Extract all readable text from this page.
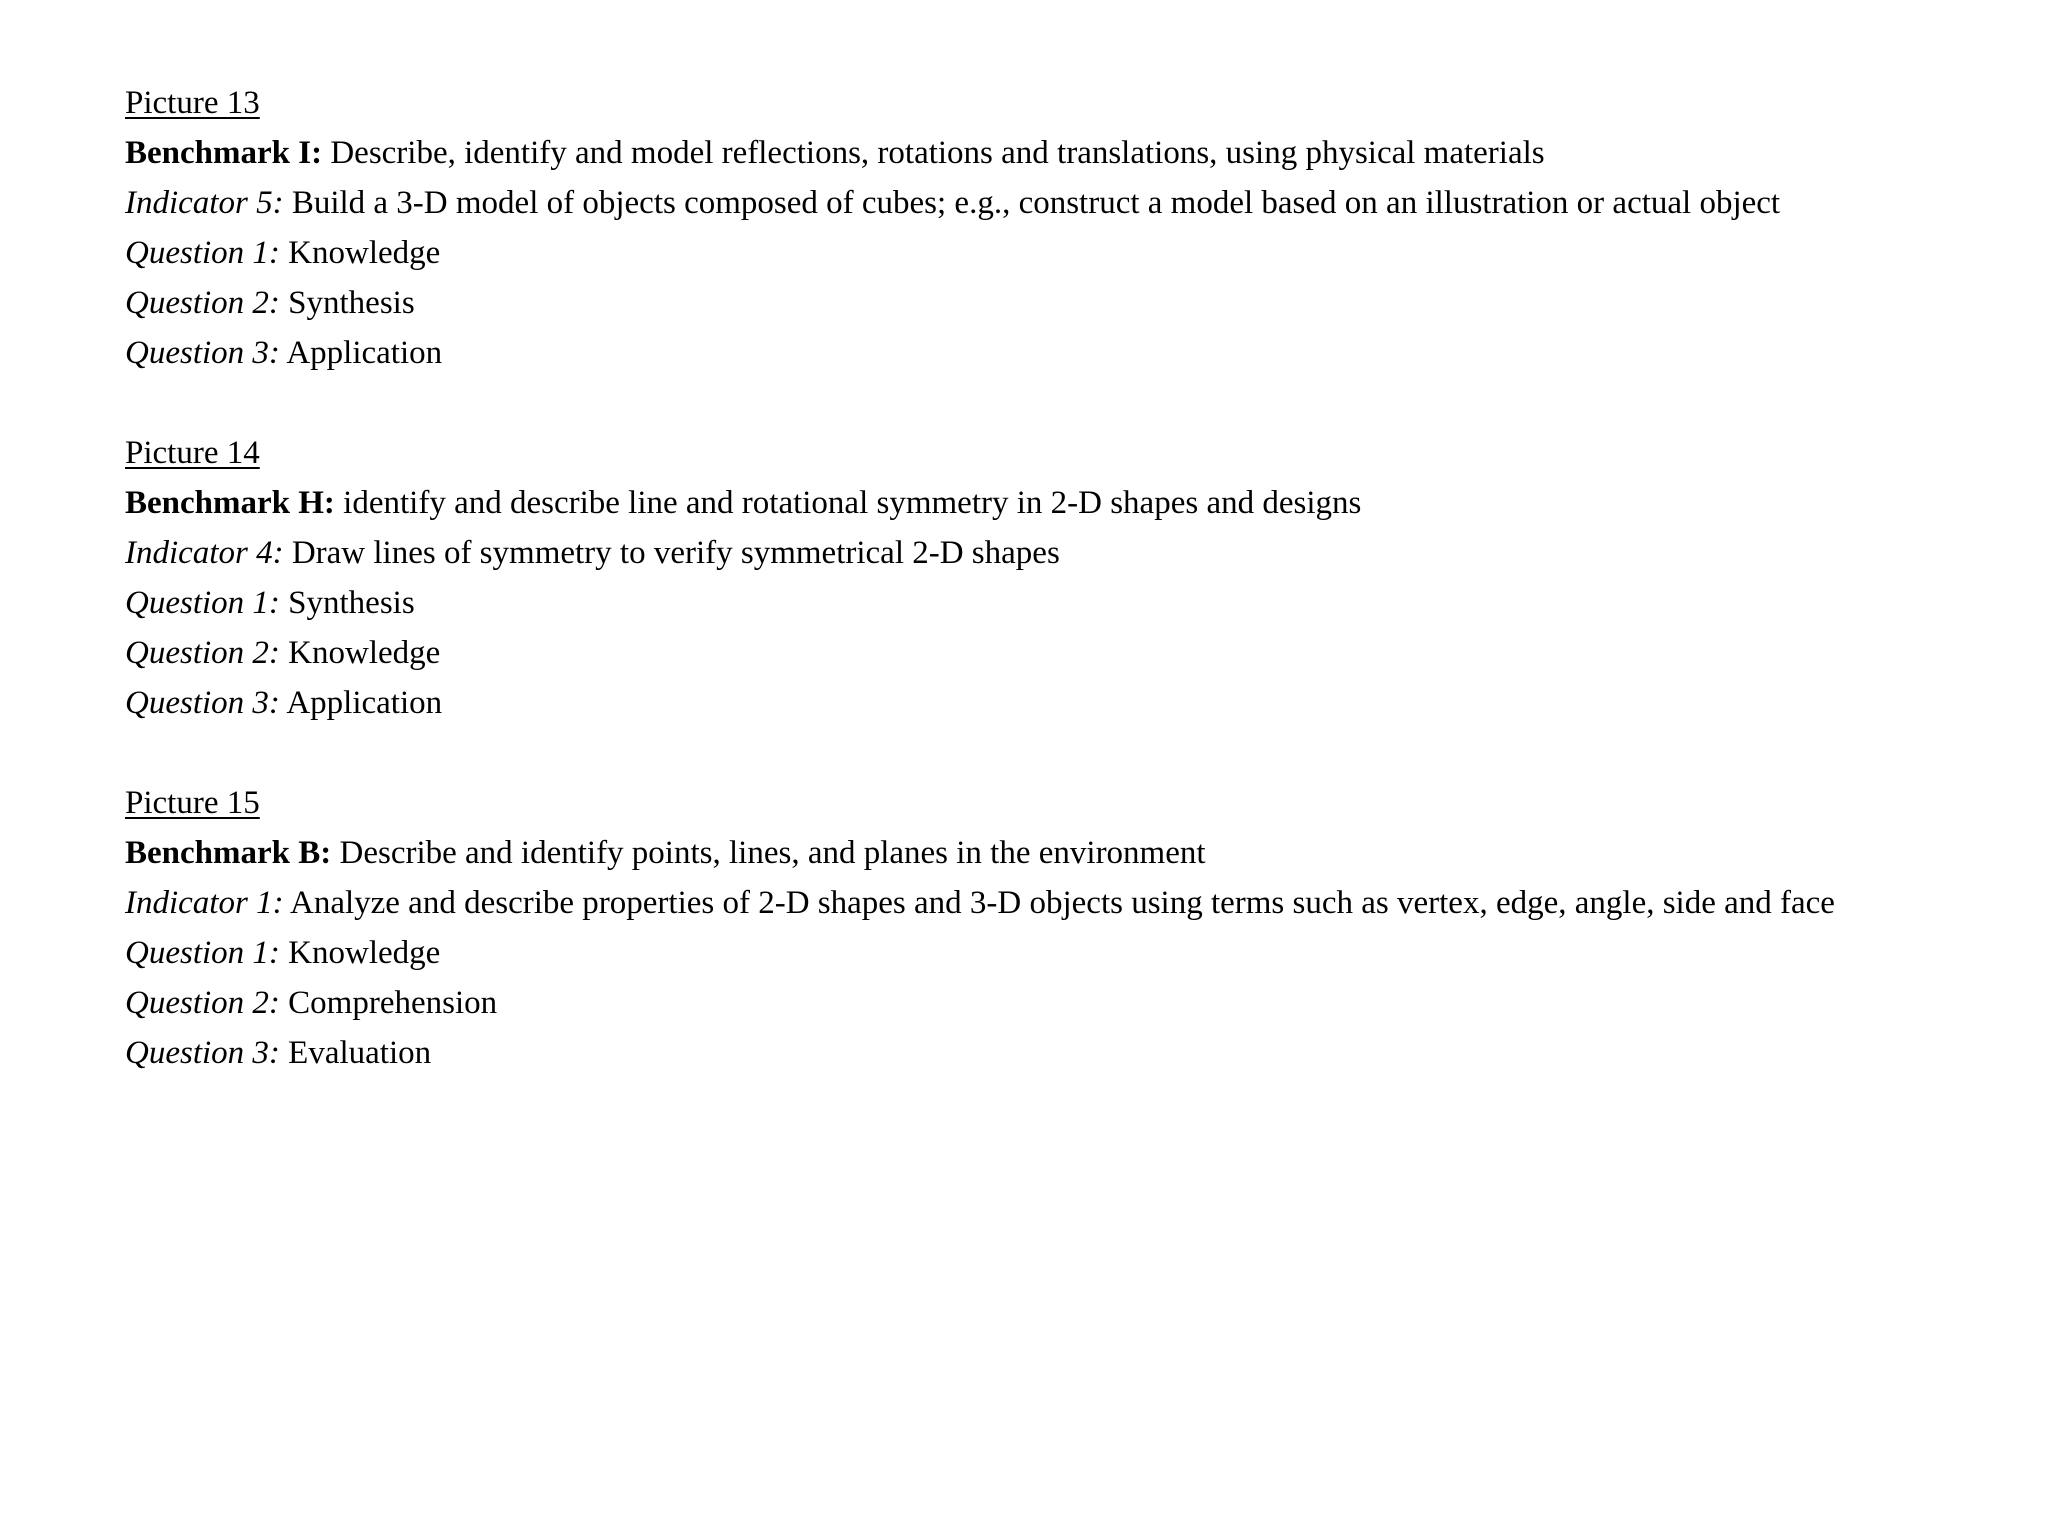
Picture 13
Benchmark I: Describe, identify and model reflections, rotations and translations, using physical materials
Indicator 5: Build a 3-D model of objects composed of cubes; e.g., construct a model based on an illustration or actual object
Question 1: Knowledge
Question 2: Synthesis
Question 3: Application
Picture 14
Benchmark H: identify and describe line and rotational symmetry in 2-D shapes and designs
Indicator 4: Draw lines of symmetry to verify symmetrical 2-D shapes
Question 1: Synthesis
Question 2: Knowledge
Question 3: Application
Picture 15
Benchmark B: Describe and identify points, lines, and planes in the environment
Indicator 1: Analyze and describe properties of 2-D shapes and 3-D objects using terms such as vertex, edge, angle, side and face
Question 1: Knowledge
Question 2: Comprehension
Question 3: Evaluation
